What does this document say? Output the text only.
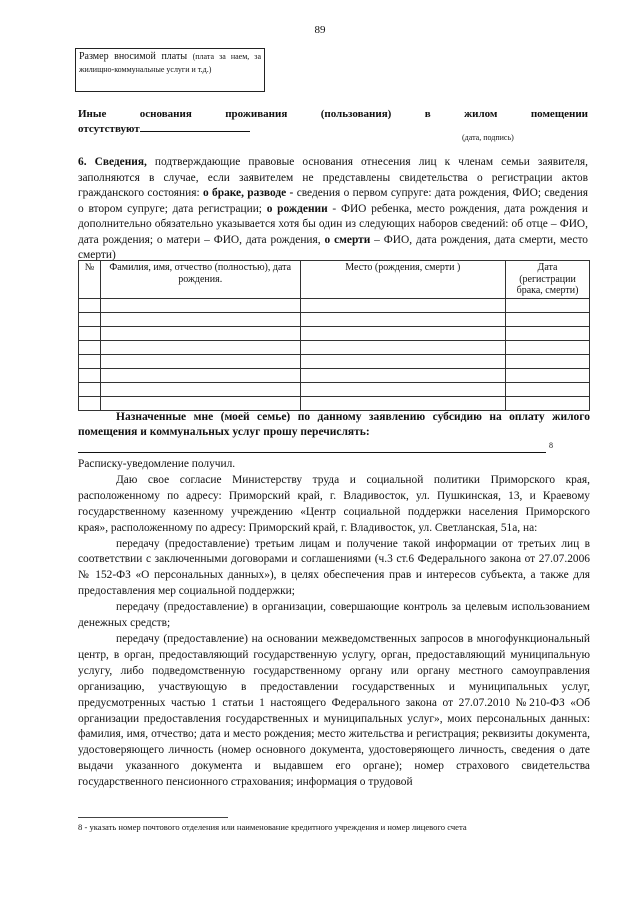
89
Размер вносимой платы (плата за наем, за жилищно-коммунальные услуги и т.д.)
Иные	основания	проживания	(пользования)	в	жилом	помещении
отсутствуют
(дата, подпись)
6. Сведения, подтверждающие правовые основания отнесения лиц к членам семьи заявителя, заполняются в случае, если заявителем не представлены свидетельства о регистрации актов гражданского состояния: о браке, разводе - сведения о первом супруге: дата рождения, ФИО; сведения о втором супруге; дата регистрации; о рождении - ФИО ребенка, место рождения, дата рождения и дополнительно обязательно указывается хотя бы один из следующих наборов сведений: об отце – ФИО, дата рождения; о матери – ФИО, дата рождения, о смерти – ФИО, дата рождения, дата смерти, место смерти)
№	Фамилия, имя, отчество (полностью), дата рождения.	Место (рождения, смерти )	Дата (регистрации брака, смерти)

Назначенные мне (моей семье) по данному заявлению субсидию на оплату жилого помещения и коммунальных услуг прошу перечислять:
8

Расписку-уведомление получил.

Даю свое согласие Министерству труда и социальной политики Приморского края, расположенному по адресу: Приморский край, г. Владивосток, ул. Пушкинская, 13, и Краевому государственному казенному учреждению «Центр социальной поддержки населения Приморского края», расположенному по адресу: Приморский край, г. Владивосток, ул. Светланская, 51а, на:

передачу (предоставление) третьим лицам и получение такой информации от третьих лиц в соответствии с заключенными договорами и соглашениями (ч.3 ст.6 Федерального закона от 27.07.2006 № 152-ФЗ «О персональных данных»), в целях обеспечения прав и интересов субъекта, а также для предоставления мер социальной поддержки;

передачу (предоставление) в организации, совершающие контроль за целевым использованием денежных средств;

передачу (предоставление) на основании межведомственных запросов в многофункциональный центр, в орган, предоставляющий государственную услугу, орган, предоставляющий муниципальную услугу, либо подведомственную государственному органу или органу местного самоуправления организацию, участвующую в предоставлении государственных и муниципальных услуг, предусмотренных частью 1 статьи 1 настоящего Федерального закона от 27.07.2010 №210-ФЗ «Об организации предоставления государственных и муниципальных услуг», моих персональных данных: фамилия, имя, отчество; дата и место рождения; место жительства и регистрация; реквизиты документа, удостоверяющего личность (номер основного документа, удостоверяющего личность, сведения о дате выдачи указанного документа и выдавшем его органе); номер страхового свидетельства государственного пенсионного страхования; информация о трудовой

8 - указать номер почтового отделения или наименование кредитного учреждения и номер лицевого счета
